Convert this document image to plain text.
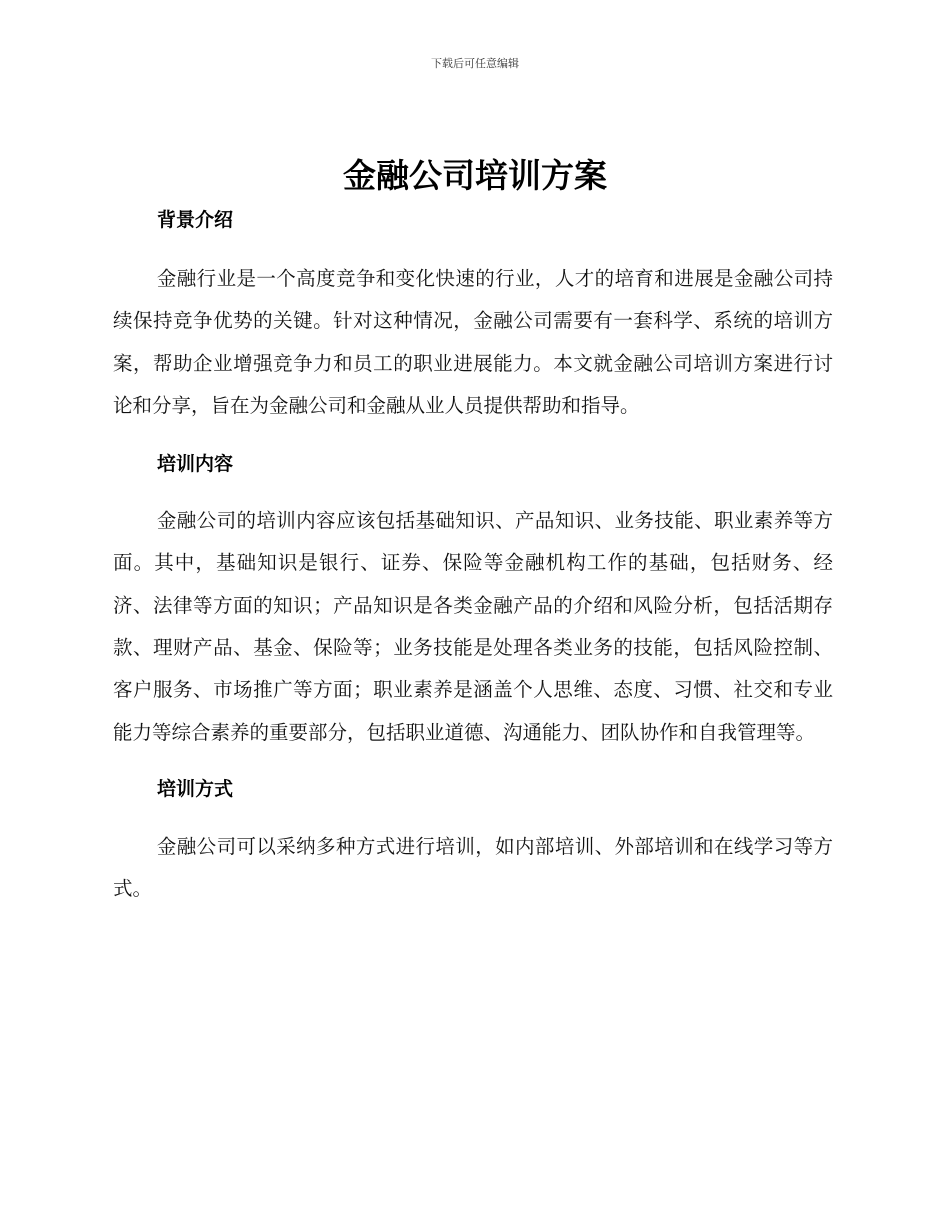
下载后可任意编辑
金融公司培训方案
背景介绍

金融行业是一个高度竞争和变化快速的行业，人才的培育和进展是金融公司持续保持竞争优势的关键。针对这种情况，金融公司需要有一套科学、系统的培训方案，帮助企业增强竞争力和员工的职业进展能力。本文就金融公司培训方案进行讨论和分享，旨在为金融公司和金融从业人员提供帮助和指导。

培训内容

金融公司的培训内容应该包括基础知识、产品知识、业务技能、职业素养等方面。其中，基础知识是银行、证券、保险等金融机构工作的基础，包括财务、经济、法律等方面的知识；产品知识是各类金融产品的介绍和风险分析，包括活期存款、理财产品、基金、保险等；业务技能是处理各类业务的技能，包括风险控制、客户服务、市场推广等方面；职业素养是涵盖个人思维、态度、习惯、社交和专业能力等综合素养的重要部分，包括职业道德、沟通能力、团队协作和自我管理等。

培训方式

金融公司可以采纳多种方式进行培训，如内部培训、外部培训和在线学习等方式。
